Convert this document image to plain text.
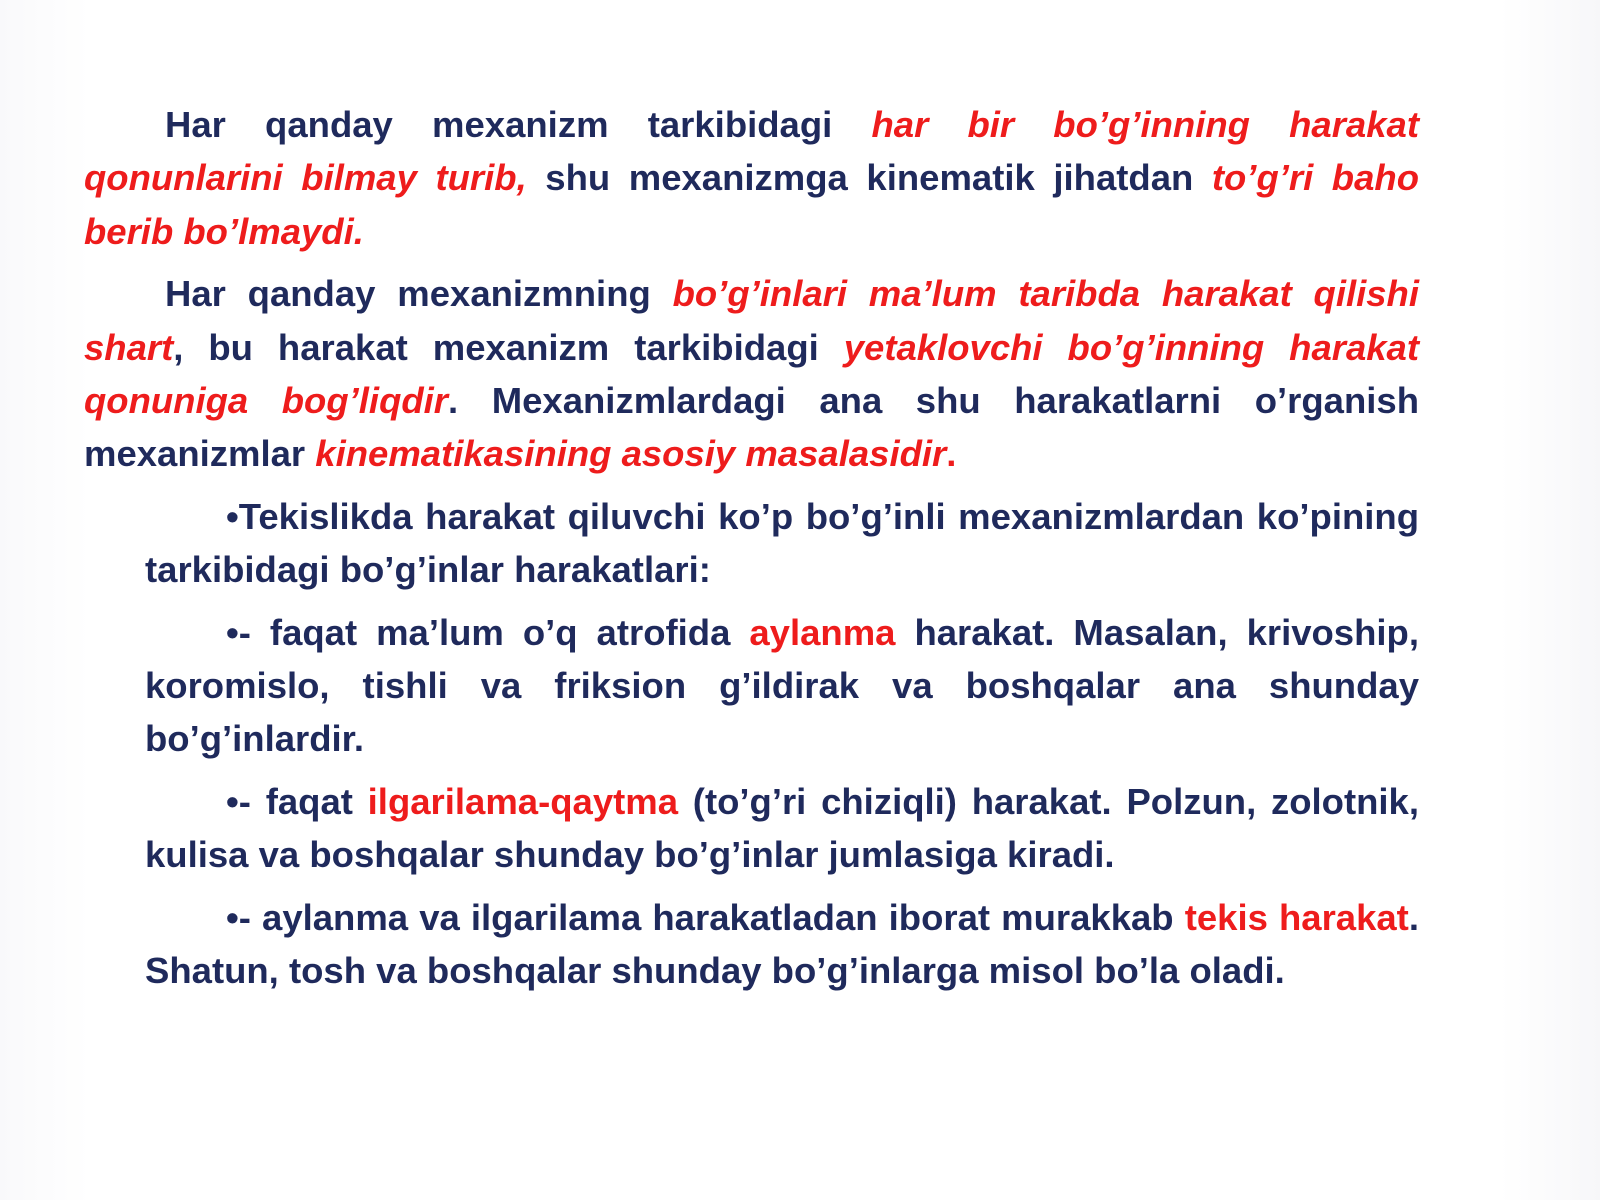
Har qanday mexanizm tarkibidagi har bir bo’g’inning harakat qonunlarini bilmay turib, shu mexanizmga kinematik jihatdan to’g’ri baho berib bo’lmaydi.

Har qanday mexanizmning bo’g’inlari ma’lum taribda harakat qilishi shart, bu harakat mexanizm tarkibidagi yetaklovchi bo’g’inning harakat qonuniga bog’liqdir. Mexanizmlardagi ana shu harakatlarni o’rganish mexanizmlar kinematikasining asosiy masalasidir.

•Tekislikda harakat qiluvchi ko’p bo’g’inli mexanizmlardan ko’pining tarkibidagi bo’g’inlar harakatlari:

•- faqat ma’lum o’q atrofida aylanma harakat. Masalan, krivoship, koromislo, tishli va friksion g’ildirak va boshqalar ana shunday bo’g’inlardir.

•- faqat ilgarilama-qaytma (to’g’ri chiziqli) harakat. Polzun, zolotnik, kulisa va boshqalar shunday bo’g’inlar jumlasiga kiradi.

•- aylanma va ilgarilama harakatladan iborat murakkab tekis harakat. Shatun, tosh va boshqalar shunday bo’g’inlarga misol bo’la oladi.
